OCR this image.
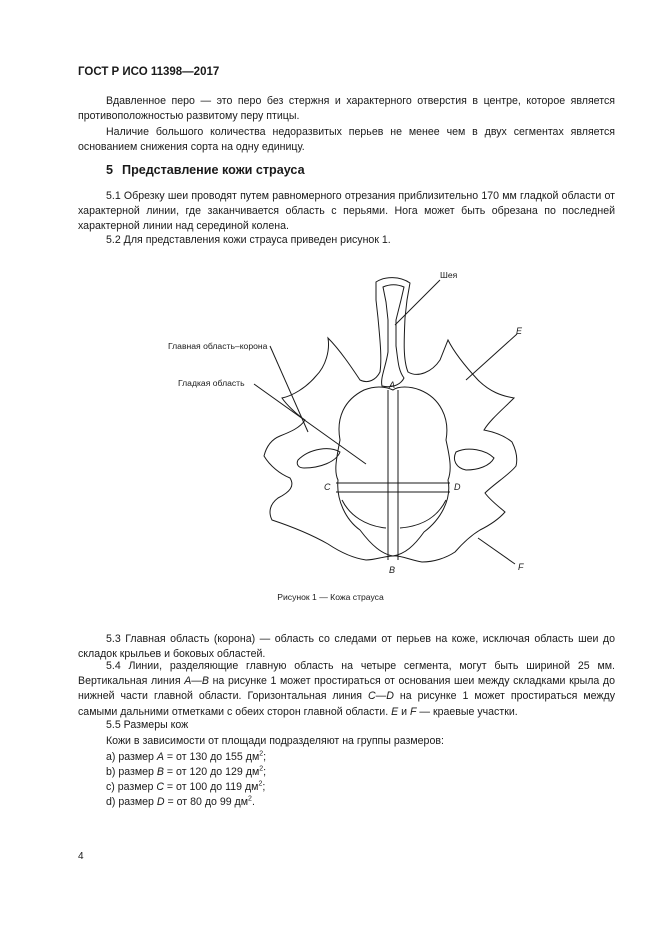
ГОСТ Р ИСО 11398—2017
Вдавленное перо — это перо без стержня и характерного отверстия в центре, которое является противоположностью развитому перу птицы.
Наличие большого количества недоразвитых перьев не менее чем в двух сегментах является основанием снижения сорта на одну единицу.
5 Представление кожи страуса
5.1 Обрезку шеи проводят путем равномерного отрезания приблизительно 170 мм гладкой области от характерной линии, где заканчивается область с перьями. Нога может быть обрезана по последней характерной линии над серединой колена.
5.2 Для представления кожи страуса приведен рисунок 1.
Шея
Главная область–корона
Гладкая область
E
F
A
B
C	D
Рисунок 1 — Кожа страуса
5.3 Главная область (корона) — область со следами от перьев на коже, исключая область шеи до складок крыльев и боковых областей.
5.4 Линии, разделяющие главную область на четыре сегмента, могут быть шириной 25 мм. Вертикальная линия A—B на рисунке 1 может простираться от основания шеи между складками крыла до нижней части главной области. Горизонтальная линия C—D на рисунке 1 может простираться между самыми дальними отметками с обеих сторон главной области. E и F — краевые участки.
5.5 Размеры кож
Кожи в зависимости от площади подразделяют на группы размеров:
a) размер A = от 130 до 155 $дм^2$;
b) размер B = от 120 до 129 $дм^2$;
c) размер C = от 100 до 119 $дм^2$;
d) размер D = от 80 до 99 $дм^2$.
4
